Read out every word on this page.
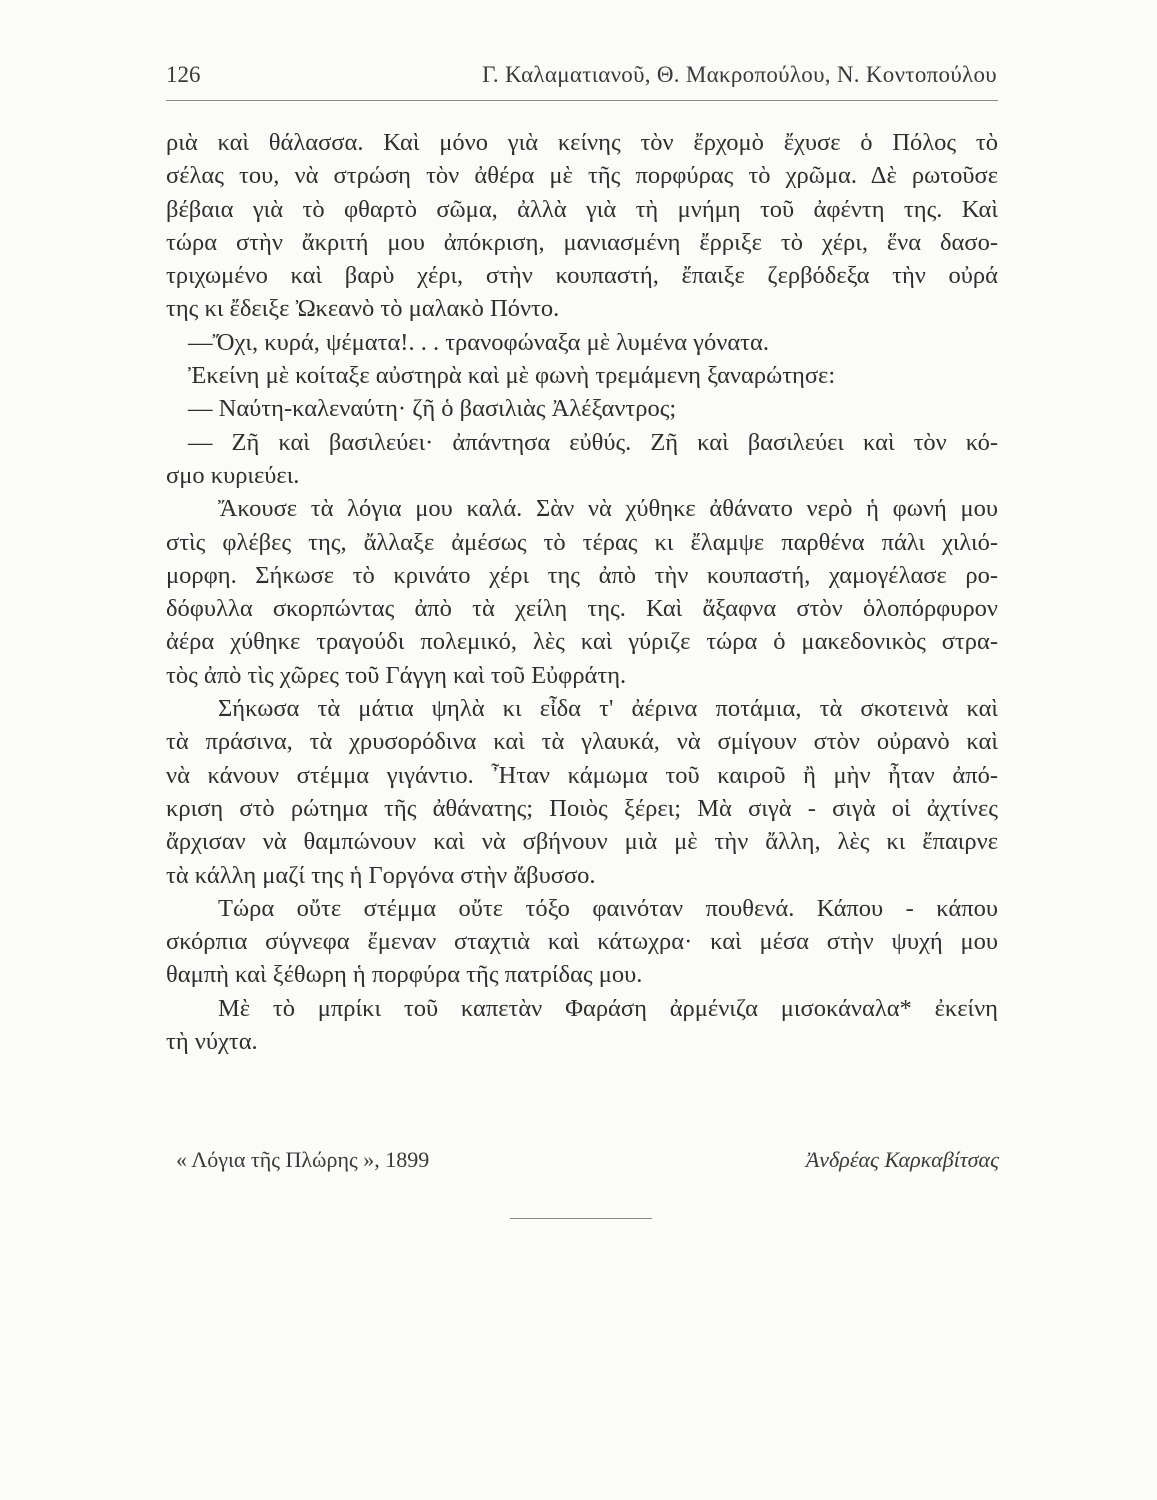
126	Γ. Καλαματιανοῦ, Θ. Μακροπούλου, Ν. Κοντοπούλου
ριὰ καὶ θάλασσα. Καὶ μόνο γιὰ κείνης τὸν ἔρχομὸ ἔχυσε ὁ Πόλος τὸ
σέλας του, νὰ στρώση τὸν ἀθέρα μὲ τῆς πορφύρας τὸ χρῶμα. Δὲ ρωτοῦσε
βέβαια γιὰ τὸ φθαρτὸ σῶμα, ἀλλὰ γιὰ τὴ μνήμη τοῦ ἀφέντη της. Καὶ
τώρα στὴν ἄκριτή μου ἀπόκριση, μανιασμένη ἔρριξε τὸ χέρι, ἕνα δασο-
τριχωμένο καὶ βαρὺ χέρι, στὴν κουπαστή, ἔπαιξε ζερβόδεξα τὴν οὐρά
της κι ἔδειξε Ὠκεανὸ τὸ μαλακὸ Πόντο.
—Ὄχι, κυρά, ψέματα!. . . τρανοφώναξα μὲ λυμένα γόνατα.
Ἐκείνη μὲ κοίταξε αὐστηρὰ καὶ μὲ φωνὴ τρεμάμενη ξαναρώτησε:
— Ναύτη-καλεναύτη· ζῆ ὁ βασιλιὰς Ἀλέξαντρος;
— Ζῆ καὶ βασιλεύει· ἀπάντησα εὐθύς. Ζῆ καὶ βασιλεύει καὶ τὸν κό-
σμο κυριεύει.
Ἄκουσε τὰ λόγια μου καλά. Σὰν νὰ χύθηκε ἀθάνατο νερὸ ἡ φωνή μου
στὶς φλέβες της, ἄλλαξε ἀμέσως τὸ τέρας κι ἔλαμψε παρθένα πάλι χιλιό-
μορφη. Σήκωσε τὸ κρινάτο χέρι της ἀπὸ τὴν κουπαστή, χαμογέλασε ρο-
δόφυλλα σκορπώντας ἀπὸ τὰ χείλη της. Καὶ ἄξαφνα στὸν ὁλοπόρφυρον
ἀέρα χύθηκε τραγούδι πολεμικό, λὲς καὶ γύριζε τώρα ὁ μακεδονικὸς στρα-
τὸς ἀπὸ τὶς χῶρες τοῦ Γάγγη καὶ τοῦ Εὐφράτη.
Σήκωσα τὰ μάτια ψηλὰ κι εἶδα τ' ἀέρινα ποτάμια, τὰ σκοτεινὰ καὶ
τὰ πράσινα, τὰ χρυσορόδινα καὶ τὰ γλαυκά, νὰ σμίγουν στὸν οὐρανὸ καὶ
νὰ κάνουν στέμμα γιγάντιο. Ἦταν κάμωμα τοῦ καιροῦ ἢ μὴν ἦταν ἀπό-
κριση στὸ ρώτημα τῆς ἀθάνατης; Ποιὸς ξέρει; Μὰ σιγὰ - σιγὰ οἱ ἀχτίνες
ἄρχισαν νὰ θαμπώνουν καὶ νὰ σβήνουν μιὰ μὲ τὴν ἄλλη, λὲς κι ἔπαιρνε
τὰ κάλλη μαζί της ἡ Γοργόνα στὴν ἄβυσσο.
Τώρα οὔτε στέμμα οὔτε τόξο φαινόταν πουθενά. Κάπου - κάπου
σκόρπια σύγνεφα ἔμεναν σταχτιὰ καὶ κάτωχρα· καὶ μέσα στὴν ψυχή μου
θαμπὴ καὶ ξέθωρη ἡ πορφύρα τῆς πατρίδας μου.
Μὲ τὸ μπρίκι τοῦ καπετὰν Φαράση ἀρμένιζα μισοκάναλα* ἐκείνη
τὴ νύχτα.
« Λόγια τῆς Πλώρης », 1899	Ἀνδρέας Καρκαβίτσας
